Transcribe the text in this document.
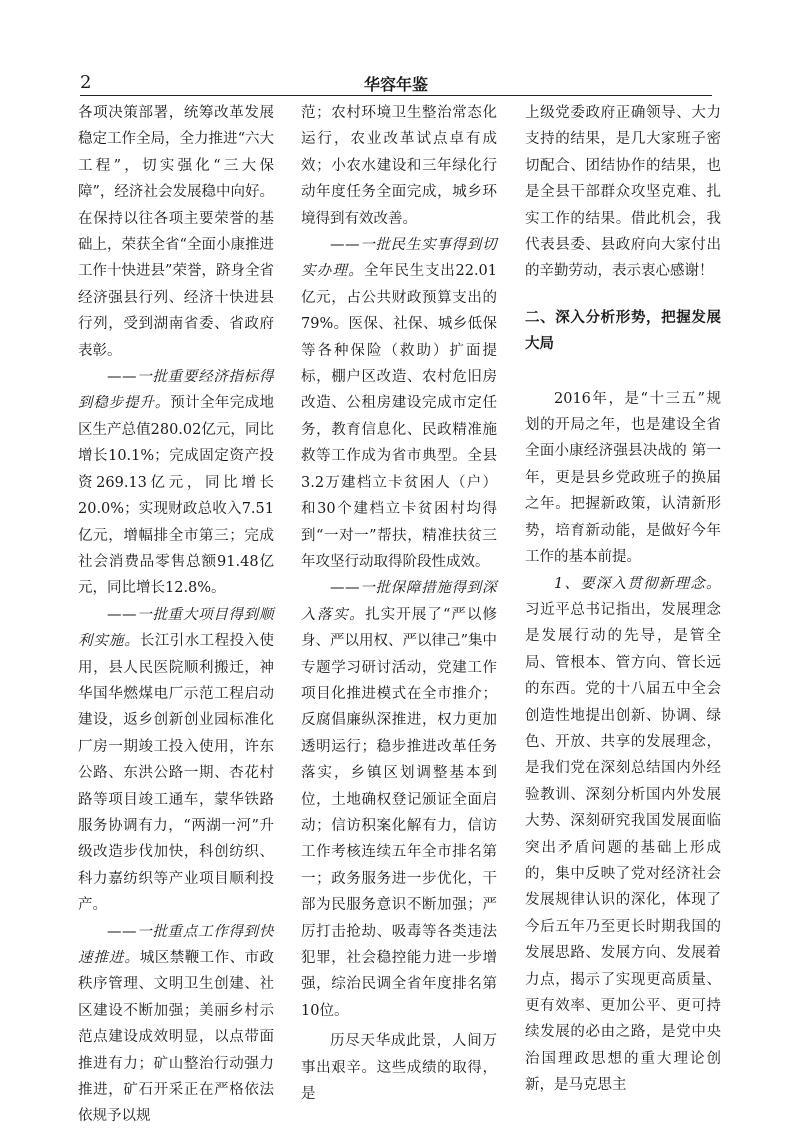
2	华容年鉴

各项决策部署，统筹改革发展稳定工作全局，全力推进“六大工程”，切实强化“三大保障”，经济社会发展稳中向好。在保持以往各项主要荣誉的基础上，荣获全省“全面小康推进工作十快进县”荣誉，跻身全省经济强县行列、经济十快进县行列，受到湖南省委、省政府表彰。

——一批重要经济指标得到稳步提升。预计全年完成地区生产总值280.02亿元，同比增长10.1%；完成固定资产投资269.13亿元，同比增长20.0%；实现财政总收入7.51亿元，增幅排全市第三；完成社会消费品零售总额91.48亿元，同比增长12.8%。

——一批重大项目得到顺利实施。长江引水工程投入使用，县人民医院顺利搬迁，神华国华燃煤电厂示范工程启动建设，返乡创新创业园标准化厂房一期竣工投入使用，许东公路、东洪公路一期、杏花村路等项目竣工通车，蒙华铁路服务协调有力，“两湖一河”升级改造步伐加快，科创纺织、科力嘉纺织等产业项目顺利投产。

——一批重点工作得到快速推进。城区禁鞭工作、市政秩序管理、文明卫生创建、社区建设不断加强；美丽乡村示范点建设成效明显，以点带面推进有力；矿山整治行动强力推进，矿石开采正在严格依法依规予以规

范；农村环境卫生整治常态化运行，农业改革试点卓有成效；小农水建设和三年绿化行动年度任务全面完成，城乡环境得到有效改善。

——一批民生实事得到切实办理。全年民生支出22.01亿元，占公共财政预算支出的79%。医保、社保、城乡低保等各种保险（救助）扩面提标，棚户区改造、农村危旧房改造、公租房建设完成市定任务，教育信息化、民政精准施救等工作成为省市典型。全县3.2万建档立卡贫困人（户）和30个建档立卡贫困村均得到“一对一”帮扶，精准扶贫三年攻坚行动取得阶段性成效。

——一批保障措施得到深入落实。扎实开展了“严以修身、严以用权、严以律己”集中专题学习研讨活动，党建工作项目化推进模式在全市推介；反腐倡廉纵深推进，权力更加透明运行；稳步推进改革任务落实，乡镇区划调整基本到位，土地确权登记颁证全面启动；信访积案化解有力，信访工作考核连续五年全市排名第一；政务服务进一步优化，干部为民服务意识不断加强；严厉打击抢劫、吸毒等各类违法犯罪，社会稳控能力进一步增强，综治民调全省年度排名第10位。

历尽天华成此景，人间万事出艰辛。这些成绩的取得，是

上级党委政府正确领导、大力支持的结果，是几大家班子密切配合、团结协作的结果，也是全县干部群众攻坚克难、扎实工作的结果。借此机会，我代表县委、县政府向大家付出的辛勤劳动，表示衷心感谢！

二、深入分析形势，把握发展大局

2016年，是“十三五”规划的开局之年，也是建设全省全面小康经济强县决战的 第一年，更是县乡党政班子的换届之年。把握新政策，认清新形势，培育新动能，是做好今年工作的基本前提。

1、要深入贯彻新理念。习近平总书记指出，发展理念是发展行动的先导，是管全局、管根本、管方向、管长远的东西。党的十八届五中全会创造性地提出创新、协调、绿色、开放、共享的发展理念，是我们党在深刻总结国内外经验教训、深刻分析国内外发展大势、深刻研究我国发展面临突出矛盾问题的基础上形成的，集中反映了党对经济社会发展规律认识的深化，体现了今后五年乃至更长时期我国的发展思路、发展方向、发展着力点，揭示了实现更高质量、更有效率、更加公平、更可持续发展的必由之路，是党中央治国理政思想的重大理论创新，是马克思主
